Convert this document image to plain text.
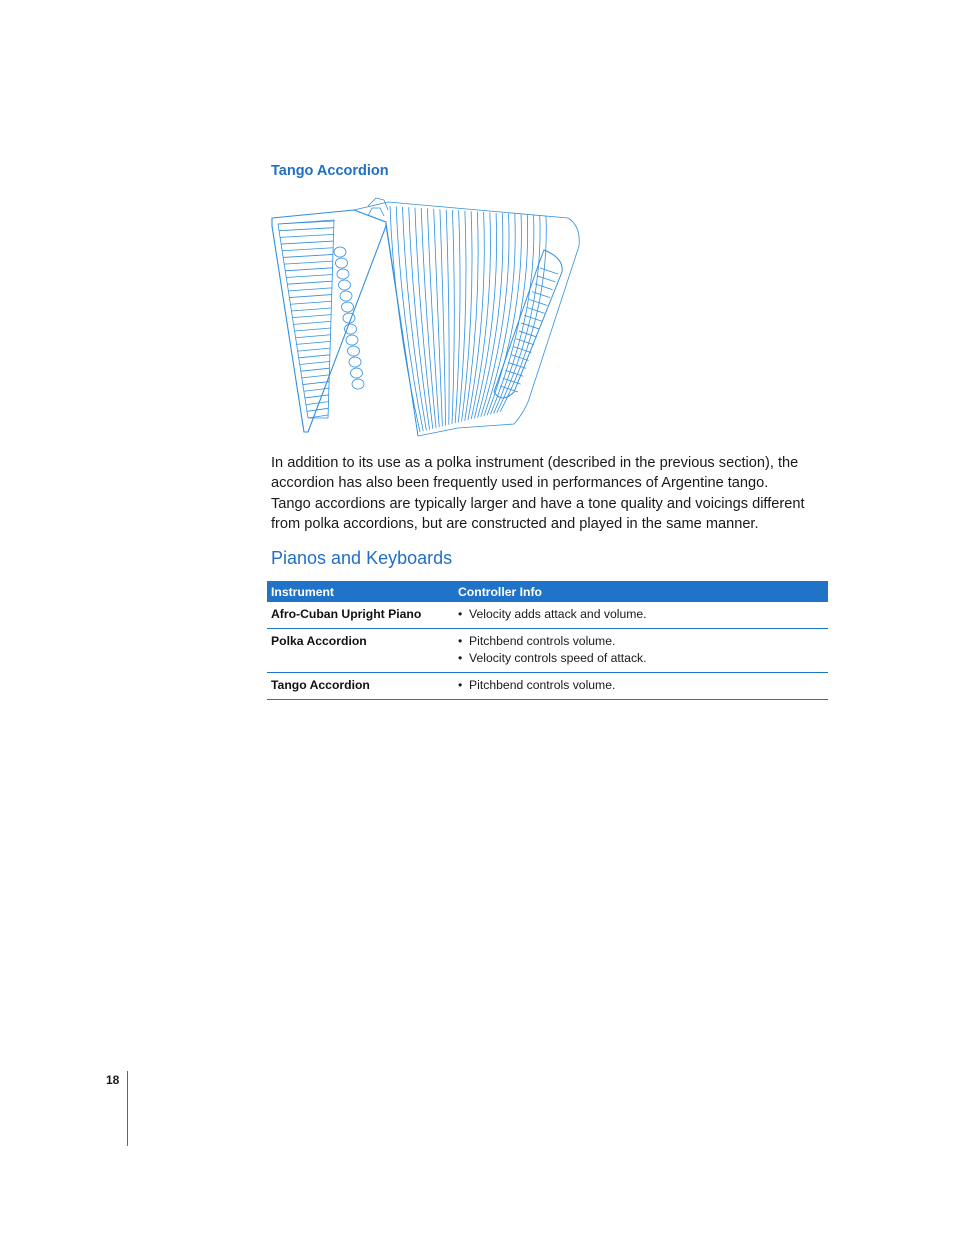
Tango Accordion

In addition to its use as a polka instrument (described in the previous section), the accordion has also been frequently used in performances of Argentine tango. Tango accordions are typically larger and have a tone quality and voicings different from polka accordions, but are constructed and played in the same manner.

Pianos and Keyboards
Instrument	Controller Info
Afro-Cuban Upright Piano	•  Velocity adds attack and volume.

Polka Accordion	•  Pitchbend controls volume.
•  Velocity controls speed of attack.

Tango Accordion	•  Pitchbend controls volume.
18
